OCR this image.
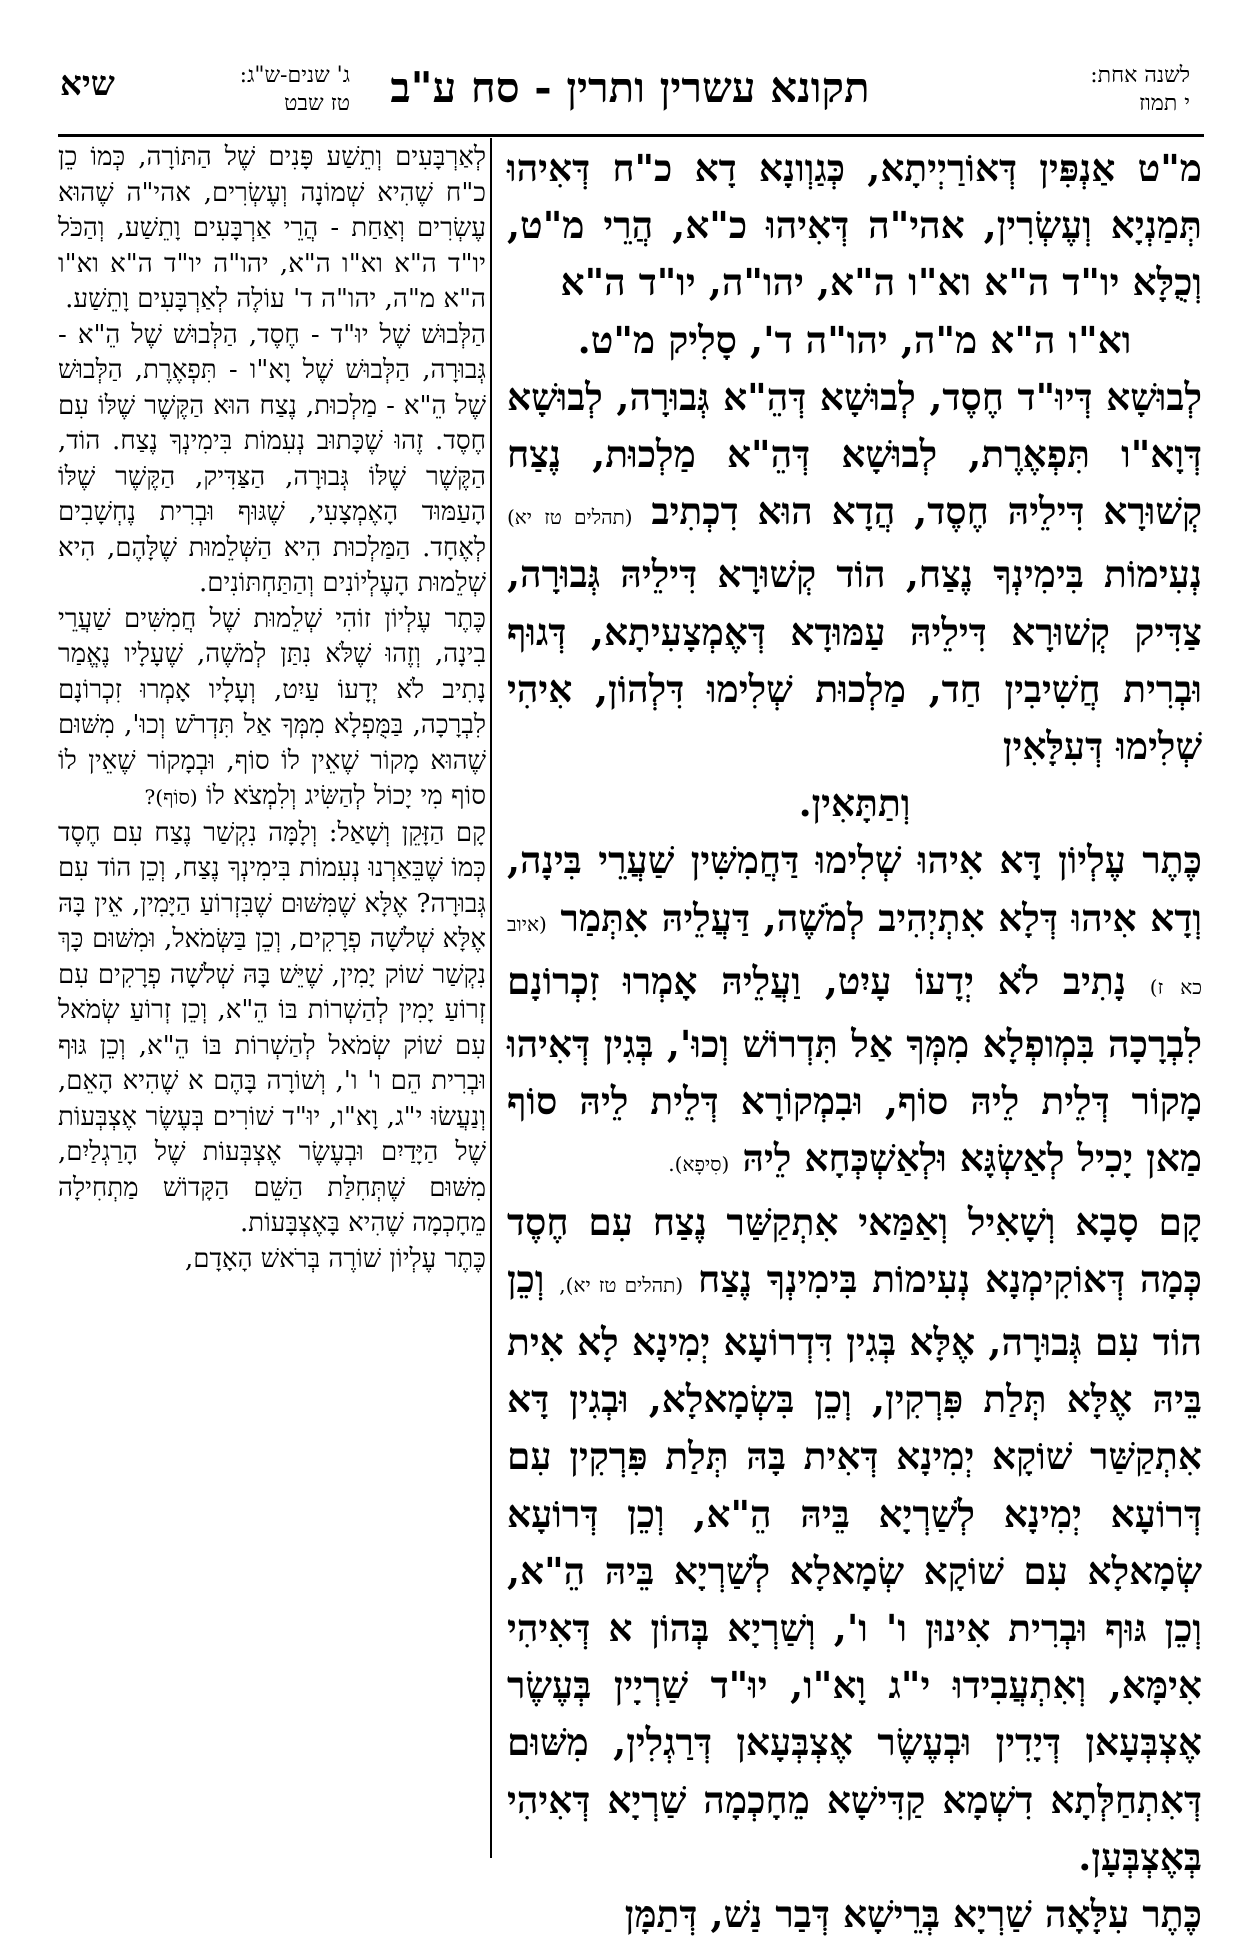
לשנה אחת:
י תמוז
תקונא עשרין ותרין - סח ע"ב
ג' שנים-ש"ג:
טז שבט
שיא

מ"ט אַנְפִּין דְּאוֹרַיְיתָא, כְּגַוְונָא דָא כ"ח דְּאִיהוּ תְּמַנְיָא וְעֶשְׂרִין, אהי"ה דְּאִיהוּ כ"א, הֲרֵי מ"ט, וְכֻלָּא יו"ד ה"א וא"ו ה"א, יהו"ה, יו"ד ה"א

וא"ו ה"א מ"ה, יהו"ה ד', סָלִיק מ"ט.

לְבוּשָׁא דְּיוּ"ד חֶסֶד, לְבוּשָׁא דְּהֵ"א גְּבוּרָה, לְבוּשָׁא דְּוָא"ו תִּפְאֶרֶת, לְבוּשָׁא דְּהֵ"א מַלְכוּת, נֶצַח קְשׁוּרָא דִּילֵיהּ חֶסֶד, הֲדָא הוּא דִכְתִיב (תהלים טז יא) נְעִימוֹת בִּימִינְךָ נֶצַח, הוֹד קְשׁוּרָא דִּילֵיהּ גְּבוּרָה, צַדִּיק קְשׁוּרָא דִּילֵיהּ עַמּוּדָא דְּאֶמְצָעִיתָא, דְּגוּף וּבְרִית חֲשִׁיבִין חַד, מַלְכוּת שְׁלִימוּ דִּלְהוֹן, אִיהִי שְׁלִימוּ דְּעִלָּאִין

וְתַתָּאִין.

כֶּתֶר עֶלְיוֹן דָּא אִיהוּ שְׁלִימוּ דַּחֲמִשִּׁין שַׁעֲרֵי בִּינָה, וְדָא אִיהוּ דְּלָא אִתְיְהִיב לְמֹשֶׁה, דַּעֲלֵיהּ אִתְּמַר (איוב כא ז) נָתִיב לֹא יְדָעוֹ עָיִט, וַעֲלֵיהּ אָמְרוּ זִכְרוֹנָם לִבְרָכָה בִּמְופְלָא מִמְּךָ אַל תִּדְרוֹשׁ וְכוּ', בְּגִין דְּאִיהוּ מָקוֹר דְּלֵית לֵיהּ סוֹף, וּבִמְקוֹרָא דְּלֵית לֵיהּ סוֹף מַאן יָכִיל לְאַשְׂגָּא וּלְאַשְׁכְּחָא לֵיהּ (סִיפָא).

קָם סָבָא וְשָׁאִיל וְאַמַּאי אִתְקַשַּׁר נֶצַח עִם חֶסֶד כְּמָה דְּאוֹקִימְנָא נְעִימוֹת בִּימִינְךָ נֶצַח (תהלים טז יא), וְכֵן הוֹד עִם גְּבוּרָה, אֶלָּא בְּגִין דִּדְרוֹעָא יְמִינָא לָא אִית בֵּיהּ אֶלָּא תְּלַת פִּרְקִין, וְכֵן בִּשְׂמָאלָא, וּבְגִין דָּא אִתְקַשַּׁר שׁוֹקָא יְמִינָא דְּאִית בָּהּ תְּלַת פִּרְקִין עִם דְּרוֹעָא יְמִינָא לְשַׁרְיָא בֵּיהּ הֵ"א, וְכֵן דְּרוֹעָא שְׂמָאלָא עִם שׁוֹקָא שְׂמָאלָא לְשַׁרְיָא בֵּיהּ הֵ"א, וְכֵן גּוּף וּבְרִית אִינוּן ו' ו', וְשַׁרְיָא בְּהוֹן א דְּאִיהִי אִימָּא, וְאִתְעֲבִידוּ י"ג וָא"ו, יוּ"ד שַׁרְיָין בְּעֶשֶׂר אֶצְבְּעָאן דְּיָדִין וּבְעֶשֶׂר אֶצְבְּעָאן דְּרַגְלִין, מִשּׁוּם דְּאִתְחַלְּתָא דִשְׁמָא קַדִּישָׁא מֵחָכְמָה שַׁרְיָא דְּאִיהִי בְּאֶצְבְּעָן.

כֶּתֶר עִלָּאָה שַׁרְיָא בְּרֵישָׁא דְּבַר נַשׁ, דְּתַמָּן

לְאַרְבָּעִים וְתֵשַׁע פָּנִים שֶׁל הַתּוֹרָה, כְּמוֹ כֵן כ"ח שֶׁהִיא שְׁמוֹנָה וְעֶשְׂרִים, אהי"ה שֶׁהוּא עֶשְׂרִים וְאַחַת - הֲרֵי אַרְבָּעִים וָתֵשַׁע, וְהַכֹּל יו"ד ה"א וא"ו ה"א, יהו"ה יו"ד ה"א וא"ו ה"א מ"ה, יהו"ה ד' עוֹלֶה לְאַרְבָּעִים וָתֵשַׁע.

הַלְּבוּשׁ שֶׁל יוּ"ד - חֶסֶד, הַלְּבוּשׁ שֶׁל הֵ"א - גְּבוּרָה, הַלְּבוּשׁ שֶׁל וָא"ו - תִּפְאֶרֶת, הַלְּבוּשׁ שֶׁל הֵ"א - מַלְכוּת, נֶצַח הוּא הַקֶּשֶׁר שֶׁלּוֹ עִם חֶסֶד. זֶהוּ שֶׁכָּתוּב נְעִמוֹת בִּימִינְךָ נֶצַח. הוֹד, הַקֶּשֶׁר שֶׁלּוֹ גְּבוּרָה, הַצַּדִּיק, הַקֶּשֶׁר שֶׁלּוֹ הָעַמּוּד הָאֶמְצָעִי, שֶׁגּוּף וּבְרִית נֶחְשָׁבִים לְאֶחָד. הַמַּלְכוּת הִיא הַשְּׁלֵמוּת שֶׁלָּהֶם, הִיא שְׁלֵמוּת הָעֶלְיוֹנִים וְהַתַּחְתּוֹנִים.

כֶּתֶר עֶלְיוֹן זוֹהִי שְׁלֵמוּת שֶׁל חֲמִשִּׁים שַׁעֲרֵי בִינָה, וְזֶהוּ שֶׁלֹּא נִתַּן לְמֹשֶׁה, שֶׁעָלָיו נֶאֱמַר נָתִיב לֹא יְדָעוֹ עַיִט, וְעָלָיו אָמְרוּ זִכְרוֹנָם לִבְרָכָה, בַּמֻּפְלָא מִמְּךָ אַל תִּדְרֹשׁ וְכוּ', מִשּׁוּם שֶׁהוּא מָקוֹר שֶׁאֵין לוֹ סוֹף, וּבְמָקוֹר שֶׁאֵין לוֹ סוֹף מִי יָכוֹל לְהַשִּׂיג וְלִמְצֹא לוֹ (סוֹף)?

קָם הַזָּקֵן וְשָׁאַל: וְלָמָּה נִקְשַׁר נֶצַח עִם חֶסֶד כְּמוֹ שֶׁבֵּאַרְנוּ נְעִמוֹת בִּימִינְךָ נֶצַח, וְכֵן הוֹד עִם גְּבוּרָה? אֶלָּא שֶׁמִּשּׁוּם שֶׁבִּזְרוֹעַ הַיָּמִין, אֵין בָּהּ אֶלָּא שְׁלֹשָׁה פְרָקִים, וְכֵן בַּשְּׂמֹאל, וּמִשּׁוּם כָּךְ נִקְשַׁר שׁוֹק יָמִין, שֶׁיֵּשׁ בָּהּ שְׁלֹשָׁה פְרָקִים עִם זְרוֹעַ יָמִין לְהַשְׁרוֹת בּוֹ הֵ"א, וְכֵן זְרוֹעַ שְׂמֹאל עִם שׁוֹק שְׂמֹאל לְהַשְׁרוֹת בּוֹ הֵ"א, וְכֵן גּוּף וּבְרִית הֵם ו' ו', וְשׁוֹרָה בָּהֶם א שֶׁהִיא הָאֵם, וְנַעֲשׂוּ י"ג, וָא"ו, יוּ"ד שׁוֹרִים בְּעֶשֶׂר אֶצְבְּעוֹת שֶׁל הַיָּדַיִם וּבְעֶשֶׂר אֶצְבְּעוֹת שֶׁל הָרַגְלַיִם, מִשּׁוּם שֶׁתְּחִלַּת הַשֵּׁם הַקָּדוֹשׁ מַתְחִילָה מֵחָכְמָה שֶׁהִיא בָּאֶצְבָּעוֹת.

כֶּתֶר עֶלְיוֹן שׁוֹרֶה בְּרֹאשׁ הָאָדָם,
